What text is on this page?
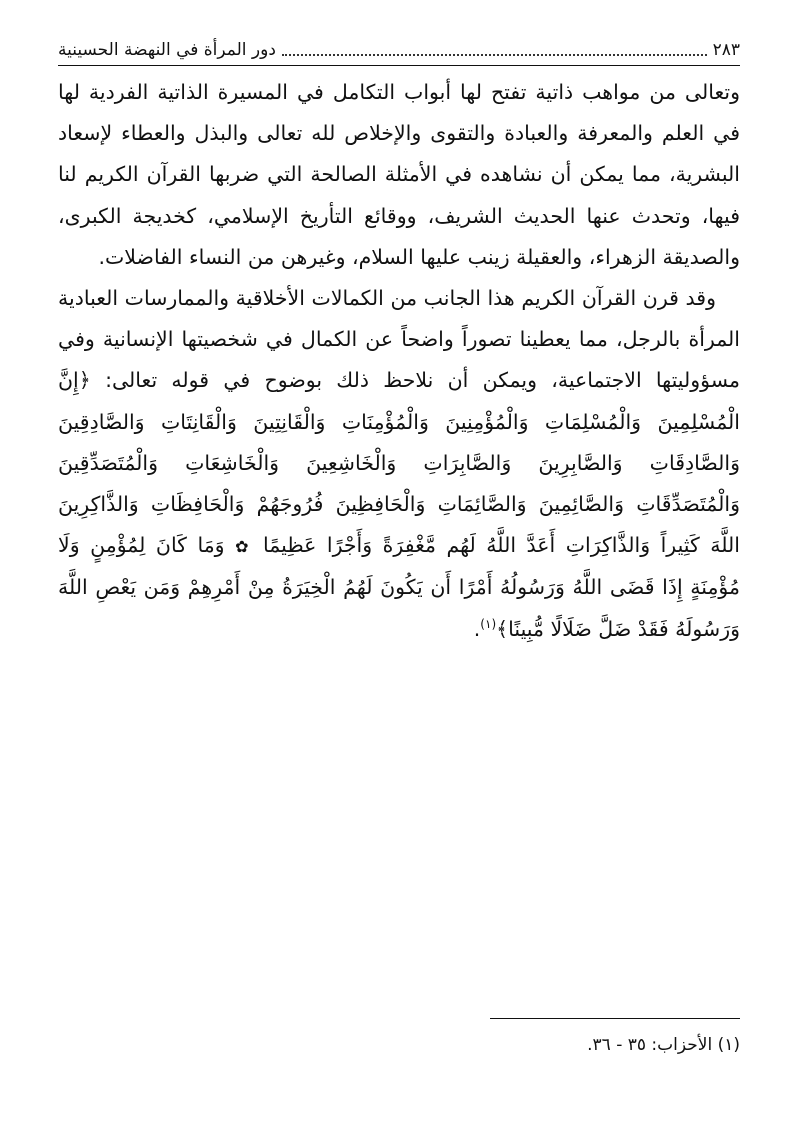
٢٨٣
دور المرأة في النهضة الحسينية

وتعالى من مواهب ذاتية تفتح لها أبواب التكامل في المسيرة الذاتية الفردية لها في العلم والمعرفة والعبادة والتقوى والإخلاص لله تعالى والبذل والعطاء لإسعاد البشرية، مما يمكن أن نشاهده في الأمثلة الصالحة التي ضربها القرآن الكريم لنا فيها، وتحدث عنها الحديث الشريف، ووقائع التأريخ الإسلامي، كخديجة الكبرى، والصديقة الزهراء، والعقيلة زينب عليها السلام، وغيرهن من النساء الفاضلات.

وقد قرن القرآن الكريم هذا الجانب من الكمالات الأخلاقية والممارسات العبادية المرأة بالرجل، مما يعطينا تصوراً واضحاً عن الكمال في شخصيتها الإنسانية وفي مسؤوليتها الاجتماعية، ويمكن أن نلاحظ ذلك بوضوح في قوله تعالى: ﴿إِنَّ الْمُسْلِمِينَ وَالْمُسْلِمَاتِ وَالْمُؤْمِنِينَ وَالْمُؤْمِنَاتِ وَالْقَانِتِينَ وَالْقَانِتَاتِ وَالصَّادِقِينَ وَالصَّادِقَاتِ وَالصَّابِرِينَ وَالصَّابِرَاتِ وَالْخَاشِعِينَ وَالْخَاشِعَاتِ وَالْمُتَصَدِّقِينَ وَالْمُتَصَدِّقَاتِ وَالصَّائِمِينَ وَالصَّائِمَاتِ وَالْحَافِظِينَ فُرُوجَهُمْ وَالْحَافِظَاتِ وَالذَّاكِرِينَ اللَّهَ كَثِيراً وَالذَّاكِرَاتِ أَعَدَّ اللَّهُ لَهُم مَّغْفِرَةً وَأَجْرًا عَظِيمًا ✿ وَمَا كَانَ لِمُؤْمِنٍ وَلَا مُؤْمِنَةٍ إِذَا قَضَى اللَّهُ وَرَسُولُهُ أَمْرًا أَن يَكُونَ لَهُمُ الْخِيَرَةُ مِنْ أَمْرِهِمْ وَمَن يَعْصِ اللَّهَ وَرَسُولَهُ فَقَدْ ضَلَّ ضَلَالًا مُّبِينًا﴾$^{(١)}$.

(١) الأحزاب: ٣٥ - ٣٦.
